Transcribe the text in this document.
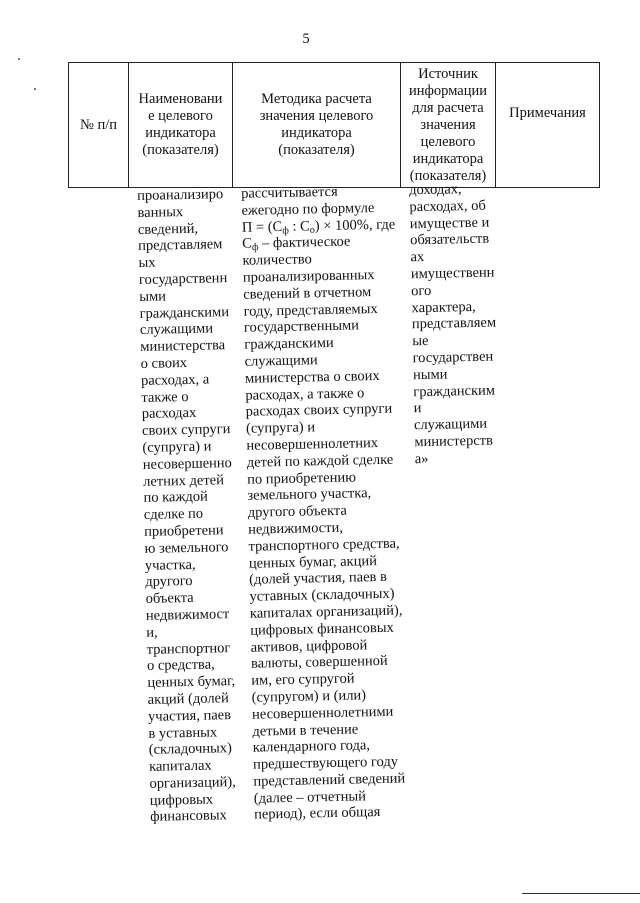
5
№ п/п
Наименовани
е целевого
индикатора
(показателя)
Методика расчета
значения целевого
индикатора
(показателя)
Источник
информации
для расчета
значения
целевого
индикатора
(показателя)
Примечания
проанализиро
ванных
сведений,
представляем
ых
государственн
ыми
гражданскими
служащими
министерства
о своих
расходах, а
также о
расходах
своих супруги
(супруга) и
несовершенно
летних детей
по каждой
сделке по
приобретени
ю земельного
участка,
другого
объекта
недвижимост
и,
транспортног
о средства,
ценных бумаг,
акций (долей
участия, паев
в уставных
(складочных)
капиталах
организаций),
цифровых
финансовых
рассчитывается
ежегодно по формуле
$П = (С_ф$ : $С_о) \times 100\%$, где
$С_ф$ – фактическое
количество
проанализированных
сведений в отчетном
году, представляемых
государственными
гражданскими
служащими
министерства о своих
расходах, а также о
расходах своих супруги
(супруга) и
несовершеннолетних
детей по каждой сделке
по приобретению
земельного участка,
другого объекта
недвижимости,
транспортного средства,
ценных бумаг, акций
(долей участия, паев в
уставных (складочных)
капиталах организаций),
цифровых финансовых
активов, цифровой
валюты, совершенной
им, его супругой
(супругом) и (или)
несовершеннолетними
детьми в течение
календарного года,
предшествующего году
представлений сведений
(далее – отчетный
период), если общая
доходах,
расходах, об
имуществе и
обязательств
ах
имущественн
ого
характера,
представляем
ые
государствен
ными
гражданским
и
служащими
министерств
а»
